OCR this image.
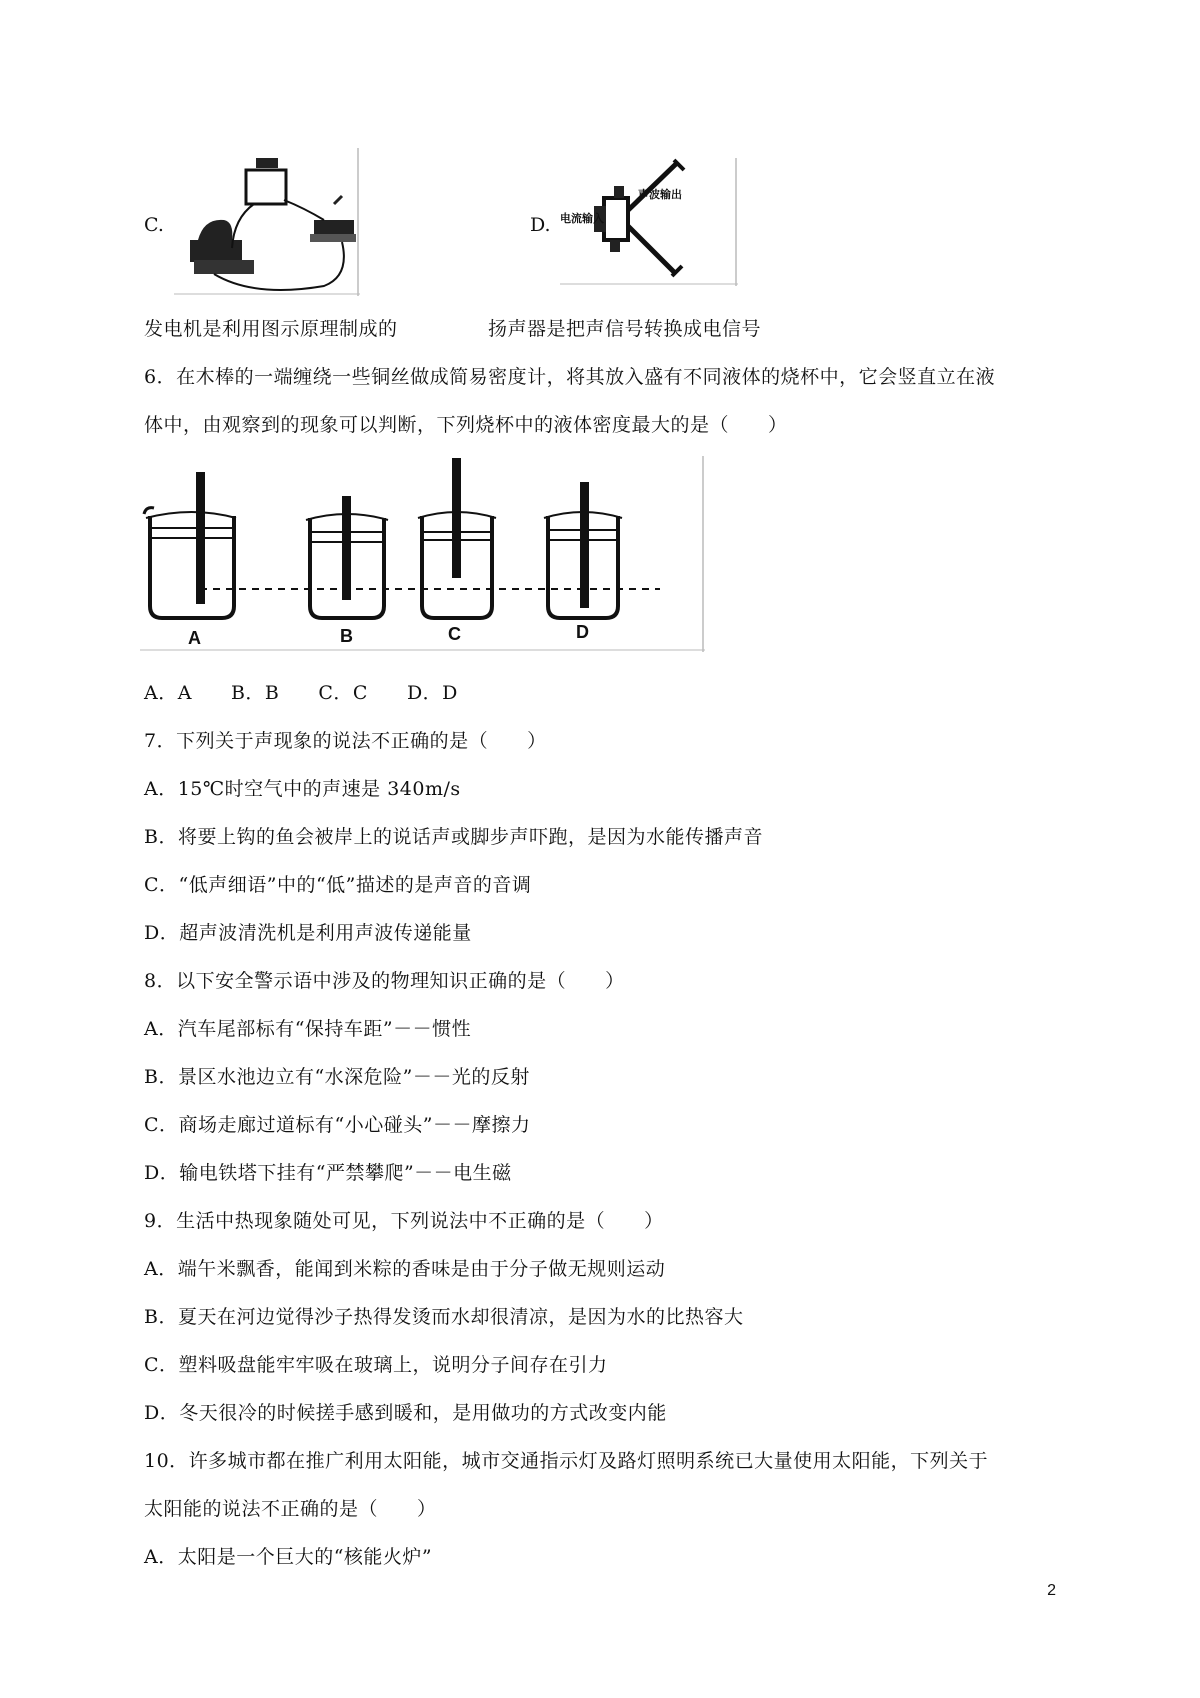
C.	D.
声波输出
电流输入
发电机是利用图示原理制成的	扬声器是把声信号转换成电信号
6．在木棒的一端缠绕一些铜丝做成简易密度计，将其放入盛有不同液体的烧杯中，它会竖直立在液
体中，由观察到的现象可以判断，下列烧杯中的液体密度最大的是（　　）
A	B	C	D
A．A　　B．B　　C．C　　D．D
7．下列关于声现象的说法不正确的是（　　）
A．15℃时空气中的声速是 340m/s
B．将要上钩的鱼会被岸上的说话声或脚步声吓跑，是因为水能传播声音
C．“低声细语”中的“低”描述的是声音的音调
D．超声波清洗机是利用声波传递能量
8．以下安全警示语中涉及的物理知识正确的是（　　）
A．汽车尾部标有“保持车距”－－惯性
B．景区水池边立有“水深危险”－－光的反射
C．商场走廊过道标有“小心碰头”－－摩擦力
D．输电铁塔下挂有“严禁攀爬”－－电生磁
9．生活中热现象随处可见，下列说法中不正确的是（　　）
A．端午米飘香，能闻到米粽的香味是由于分子做无规则运动
B．夏天在河边觉得沙子热得发烫而水却很清凉，是因为水的比热容大
C．塑料吸盘能牢牢吸在玻璃上，说明分子间存在引力
D．冬天很冷的时候搓手感到暖和，是用做功的方式改变内能
10．许多城市都在推广利用太阳能，城市交通指示灯及路灯照明系统已大量使用太阳能，下列关于
太阳能的说法不正确的是（　　）
A．太阳是一个巨大的“核能火炉”
2
